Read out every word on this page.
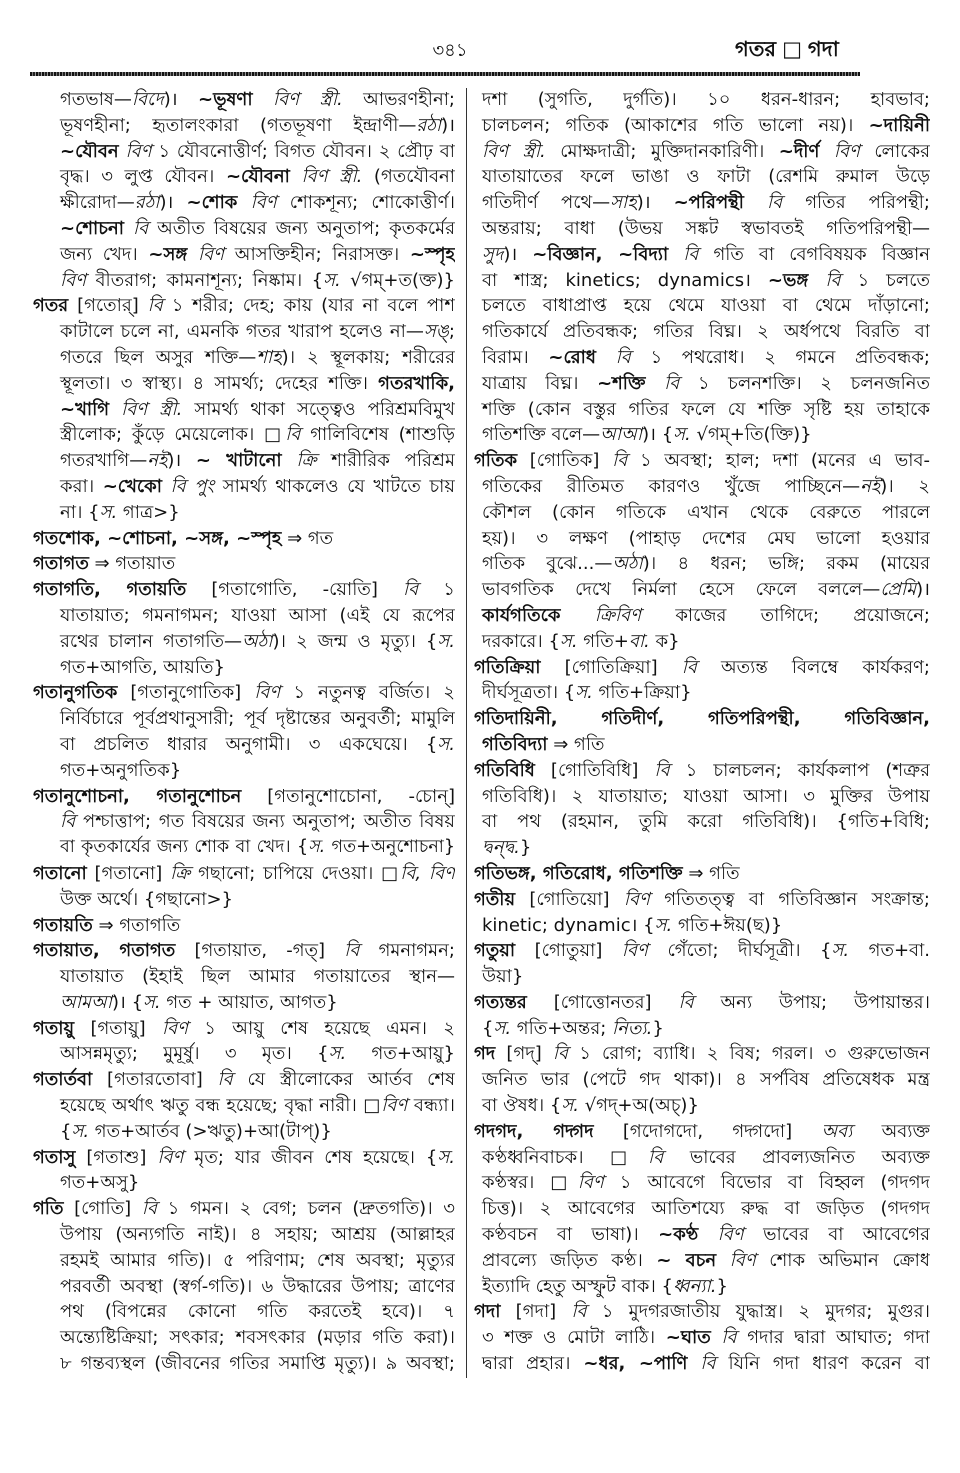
৩৪১	গতর □ গদা
গতভাষ—বিদে)। ~ভূষণা বিণ স্ত্রী. আভরণহীনা;
ভূষণহীনা; হৃতালংকারা (গতভূষণা ইন্দ্রাণী—রঠা)।
~যৌবন বিণ ১ যৌবনোত্তীর্ণ; বিগত যৌবন। ২ প্রৌঢ় বা
বৃদ্ধ। ৩ লুপ্ত যৌবন। ~যৌবনা বিণ স্ত্রী. (গতযৌবনা
ক্ষীরোদা—রঠা)। ~শোক বিণ শোকশূন্য; শোকোত্তীর্ণ।
~শোচনা বি অতীত বিষয়ের জন্য অনুতাপ; কৃতকর্মের
জন্য খেদ। ~সঙ্গ বিণ আসক্তিহীন; নিরাসক্ত। ~স্পৃহ
বিণ বীতরাগ; কামনাশূন্য; নিষ্কাম। {স. √গম্+ত(ক্ত)}
গতর [গতোর্] বি ১ শরীর; দেহ; কায় (যার না বলে পাশ
কাটালে চলে না, এমনকি গতর খারাপ হলেও না—সঙ্;
গতরে ছিল অসুর শক্তি—শাহ)। ২ স্থূলকায়; শরীরের
স্থূলতা। ৩ স্বাস্থ্য। ৪ সামর্থ্য; দেহের শক্তি। গতরখাকি,
~খাগি বিণ স্ত্রী. সামর্থ্য থাকা সত্ত্বেও পরিশ্রমবিমুখ
স্ত্রীলোক; কুঁড়ে মেয়েলোক। □বি গালিবিশেষ (শাশুড়ি
গতরখাগি—নই)। ~ খাটানো ক্রি শারীরিক পরিশ্রম
করা। ~খেকো বি পুং সামর্থ্য থাকলেও যে খাটতে চায়
না। {স. গাত্র>}
গতশোক, ~শোচনা, ~সঙ্গ, ~স্পৃহ ⇒ গত
গতাগত ⇒ গতায়াত
গতাগতি, গতায়তি [গতাগোতি, -য়োতি] বি ১
যাতায়াত; গমনাগমন; যাওয়া আসা (এই যে রূপের
রথের চালান গতাগতি—অঠা)। ২ জন্ম ও মৃত্যু। {স.
গত+আগতি, আয়তি}
গতানুগতিক [গতানুগোতিক] বিণ ১ নতুনত্ব বর্জিত। ২
নির্বিচারে পূর্বপ্রথানুসারী; পূর্ব দৃষ্টান্তের অনুবর্তী; মামুলি
বা প্রচলিত ধারার অনুগামী। ৩ একঘেয়ে। {স.
গত+অনুগতিক}
গতানুশোচনা, গতানুশোচন [গতানুশোচোনা, -চোন্]
বি পশ্চাত্তাপ; গত বিষয়ের জন্য অনুতাপ; অতীত বিষয়
বা কৃতকার্যের জন্য শোক বা খেদ। {স. গত+অনুশোচনা}
গতানো [গতানো] ক্রি গছানো; চাপিয়ে দেওয়া। □বি, বিণ
উক্ত অর্থে। {গছানো>}
গতায়তি ⇒ গতাগতি
গতায়াত, গতাগত [গতায়াত, -গত্] বি গমনাগমন;
যাতায়াত (ইহাই ছিল আমার গতায়াতের স্থান—
আমআ)। {স. গত + আয়াত, আগত}
গতায়ু [গতায়ু] বিণ ১ আয়ু শেষ হয়েছে এমন। ২
আসন্নমৃত্যু; মুমূর্ষু। ৩ মৃত। {স. গত+আয়ু}
গতার্তবা [গতারতোবা] বি যে স্ত্রীলোকের আর্তব শেষ
হয়েছে অর্থাৎ ঋতু বন্ধ হয়েছে; বৃদ্ধা নারী। □বিণ বন্ধ্যা।
{স. গত+আর্তব (>ঋতু)+আ(টাপ্)}
গতাসু [গতাশু] বিণ মৃত; যার জীবন শেষ হয়েছে। {স.
গত+অসু}
গতি [গোতি] বি ১ গমন। ২ বেগ; চলন (দ্রুতগতি)। ৩
উপায় (অন্যগতি নাই)। ৪ সহায়; আশ্রয় (আল্লাহর
রহমই আমার গতি)। ৫ পরিণাম; শেষ অবস্থা; মৃত্যুর
পরবর্তী অবস্থা (স্বর্গ-গতি)। ৬ উদ্ধারের উপায়; ত্রাণের
পথ (বিপন্নের কোনো গতি করতেই হবে)। ৭
অন্ত্যেষ্টিক্রিয়া; সৎকার; শবসৎকার (মড়ার গতি করা)।
৮ গন্তব্যস্থল (জীবনের গতির সমাপ্তি মৃত্যু)। ৯ অবস্থা;
দশা (সুগতি, দুর্গতি)। ১০ ধরন-ধারন; হাবভাব;
চালচলন; গতিক (আকাশের গতি ভালো নয়)। ~দায়িনী
বিণ স্ত্রী. মোক্ষদাত্রী; মুক্তিদানকারিণী। ~দীর্ণ বিণ লোকের
যাতায়াতের ফলে ভাঙা ও ফাটা (রেশমি রুমাল উড়ে
গতিদীর্ণ পথে—সাহ)। ~পরিপন্থী বি গতির পরিপন্থী;
অন্তরায়; বাধা (উভয় সঙ্কট স্বভাবতই গতিপরিপন্থী—
সুদ)। ~বিজ্ঞান, ~বিদ্যা বি গতি বা বেগবিষয়ক বিজ্ঞান
বা শাস্ত্র; kinetics; dynamics। ~ভঙ্গ বি ১ চলতে
চলতে বাধাপ্রাপ্ত হয়ে থেমে যাওয়া বা থেমে দাঁড়ানো;
গতিকার্যে প্রতিবন্ধক; গতির বিঘ্ন। ২ অর্ধপথে বিরতি বা
বিরাম। ~রোধ বি ১ পথরোধ। ২ গমনে প্রতিবন্ধক;
যাত্রায় বিঘ্ন। ~শক্তি বি ১ চলনশক্তি। ২ চলনজনিত
শক্তি (কোন বস্তুর গতির ফলে যে শক্তি সৃষ্টি হয় তাহাকে
গতিশক্তি বলে—আআ)। {স. √গম্+তি(ক্তি)}
গতিক [গোতিক] বি ১ অবস্থা; হাল; দশা (মনের এ ভাব-
গতিকের রীতিমত কারণও খুঁজে পাচ্ছিনে—নই)। ২
কৌশল (কোন গতিকে এখান থেকে বেরুতে পারলে
হয়)। ৩ লক্ষণ (পাহাড় দেশের মেঘ ভালো হওয়ার
গতিক বুঝে...—অঠা)। ৪ ধরন; ভঙ্গি; রকম (মায়ের
ভাবগতিক দেখে নির্মলা হেসে ফেলে বললে—প্রেমি)।
কার্যগতিকে ক্রিবিণ কাজের তাগিদে; প্রয়োজনে;
দরকারে। {স. গতি+বা. ক}
গতিক্রিয়া [গোতিক্রিয়া] বি অত্যন্ত বিলম্বে কার্যকরণ;
দীর্ঘসূত্রতা। {স. গতি+ক্রিয়া}
গতিদায়িনী, গতিদীর্ণ, গতিপরিপন্থী, গতিবিজ্ঞান,
গতিবিদ্যা ⇒ গতি
গতিবিধি [গোতিবিধি] বি ১ চালচলন; কার্যকলাপ (শত্রুর
গতিবিধি)। ২ যাতায়াত; যাওয়া আসা। ৩ মুক্তির উপায়
বা পথ (রহমান, তুমি করো গতিবিধি)। {গতি+বিধি;
দ্বন্দ্ব.}
গতিভঙ্গ, গতিরোধ, গতিশক্তি ⇒ গতি
গতীয় [গোতিয়ো] বিণ গতিতত্ত্ব বা গতিবিজ্ঞান সংক্রান্ত;
kinetic; dynamic। {স. গতি+ঈয়(ছ)}
গতুয়া [গোতুয়া] বিণ গেঁতো; দীর্ঘসূত্রী। {স. গত+বা.
উয়া}
গত্যন্তর [গোত্তোনতর] বি অন্য উপায়; উপায়ান্তর।
{স. গতি+অন্তর; নিত্য.}
গদ [গদ্] বি ১ রোগ; ব্যাধি। ২ বিষ; গরল। ৩ গুরুভোজন
জনিত ভার (পেটে গদ থাকা)। ৪ সর্পবিষ প্রতিষেধক মন্ত্র
বা ঔষধ। {স. √গদ্+অ(অচ্)}
গদগদ, গদ্গদ [গদোগদো, গদ্গদো] অব্য অব্যক্ত
কণ্ঠধ্বনিবাচক। □বি ভাবের প্রাবল্যজনিত অব্যক্ত
কণ্ঠস্বর। □বিণ ১ আবেগে বিভোর বা বিহ্বল (গদগদ
চিত্ত)। ২ আবেগের আতিশয্যে রুদ্ধ বা জড়িত (গদগদ
কণ্ঠবচন বা ভাষা)। ~কণ্ঠ বিণ ভাবের বা আবেগের
প্রাবল্যে জড়িত কণ্ঠ। ~ বচন বিণ শোক অভিমান ক্রোধ
ইত্যাদি হেতু অস্ফুট বাক। {ধ্বন্যা.}
গদা [গদা] বি ১ মুদগরজাতীয় যুদ্ধাস্ত্র। ২ মুদগর; মুগুর।
৩ শক্ত ও মোটা লাঠি। ~ঘাত বি গদার দ্বারা আঘাত; গদা
দ্বারা প্রহার। ~ধর, ~পাণি বি যিনি গদা ধারণ করেন বা
